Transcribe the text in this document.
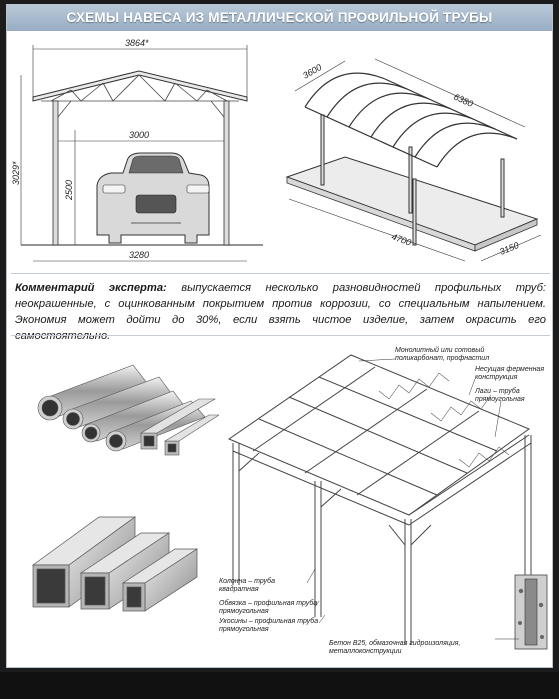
СХЕМЫ НАВЕСА ИЗ МЕТАЛЛИЧЕСКОЙ ПРОФИЛЬНОЙ ТРУБЫ
3864*
3000
3029*
2500
3280
3600
6380
4700
3150
Комментарий эксперта: выпускается несколько разновидностей профильных труб: неокрашенные, с оцинкованным покрытием против коррозии, со специальным напылением. Экономия может дойти до 30%, если взять чистое изделие, затем окрасить его самостоятельно.
Монолитный или сотовый
поликарбонат, профнастил
Несущая ферменная
конструкция
Лаги – труба
прямоугольная
Колонна – труба
квадратная
Обвязка – профильная труба
прямоугольная
Укосины – профильная труба
прямоугольная
Бетон В25, обмазочная гидроизоляция,
металлоконструкции
